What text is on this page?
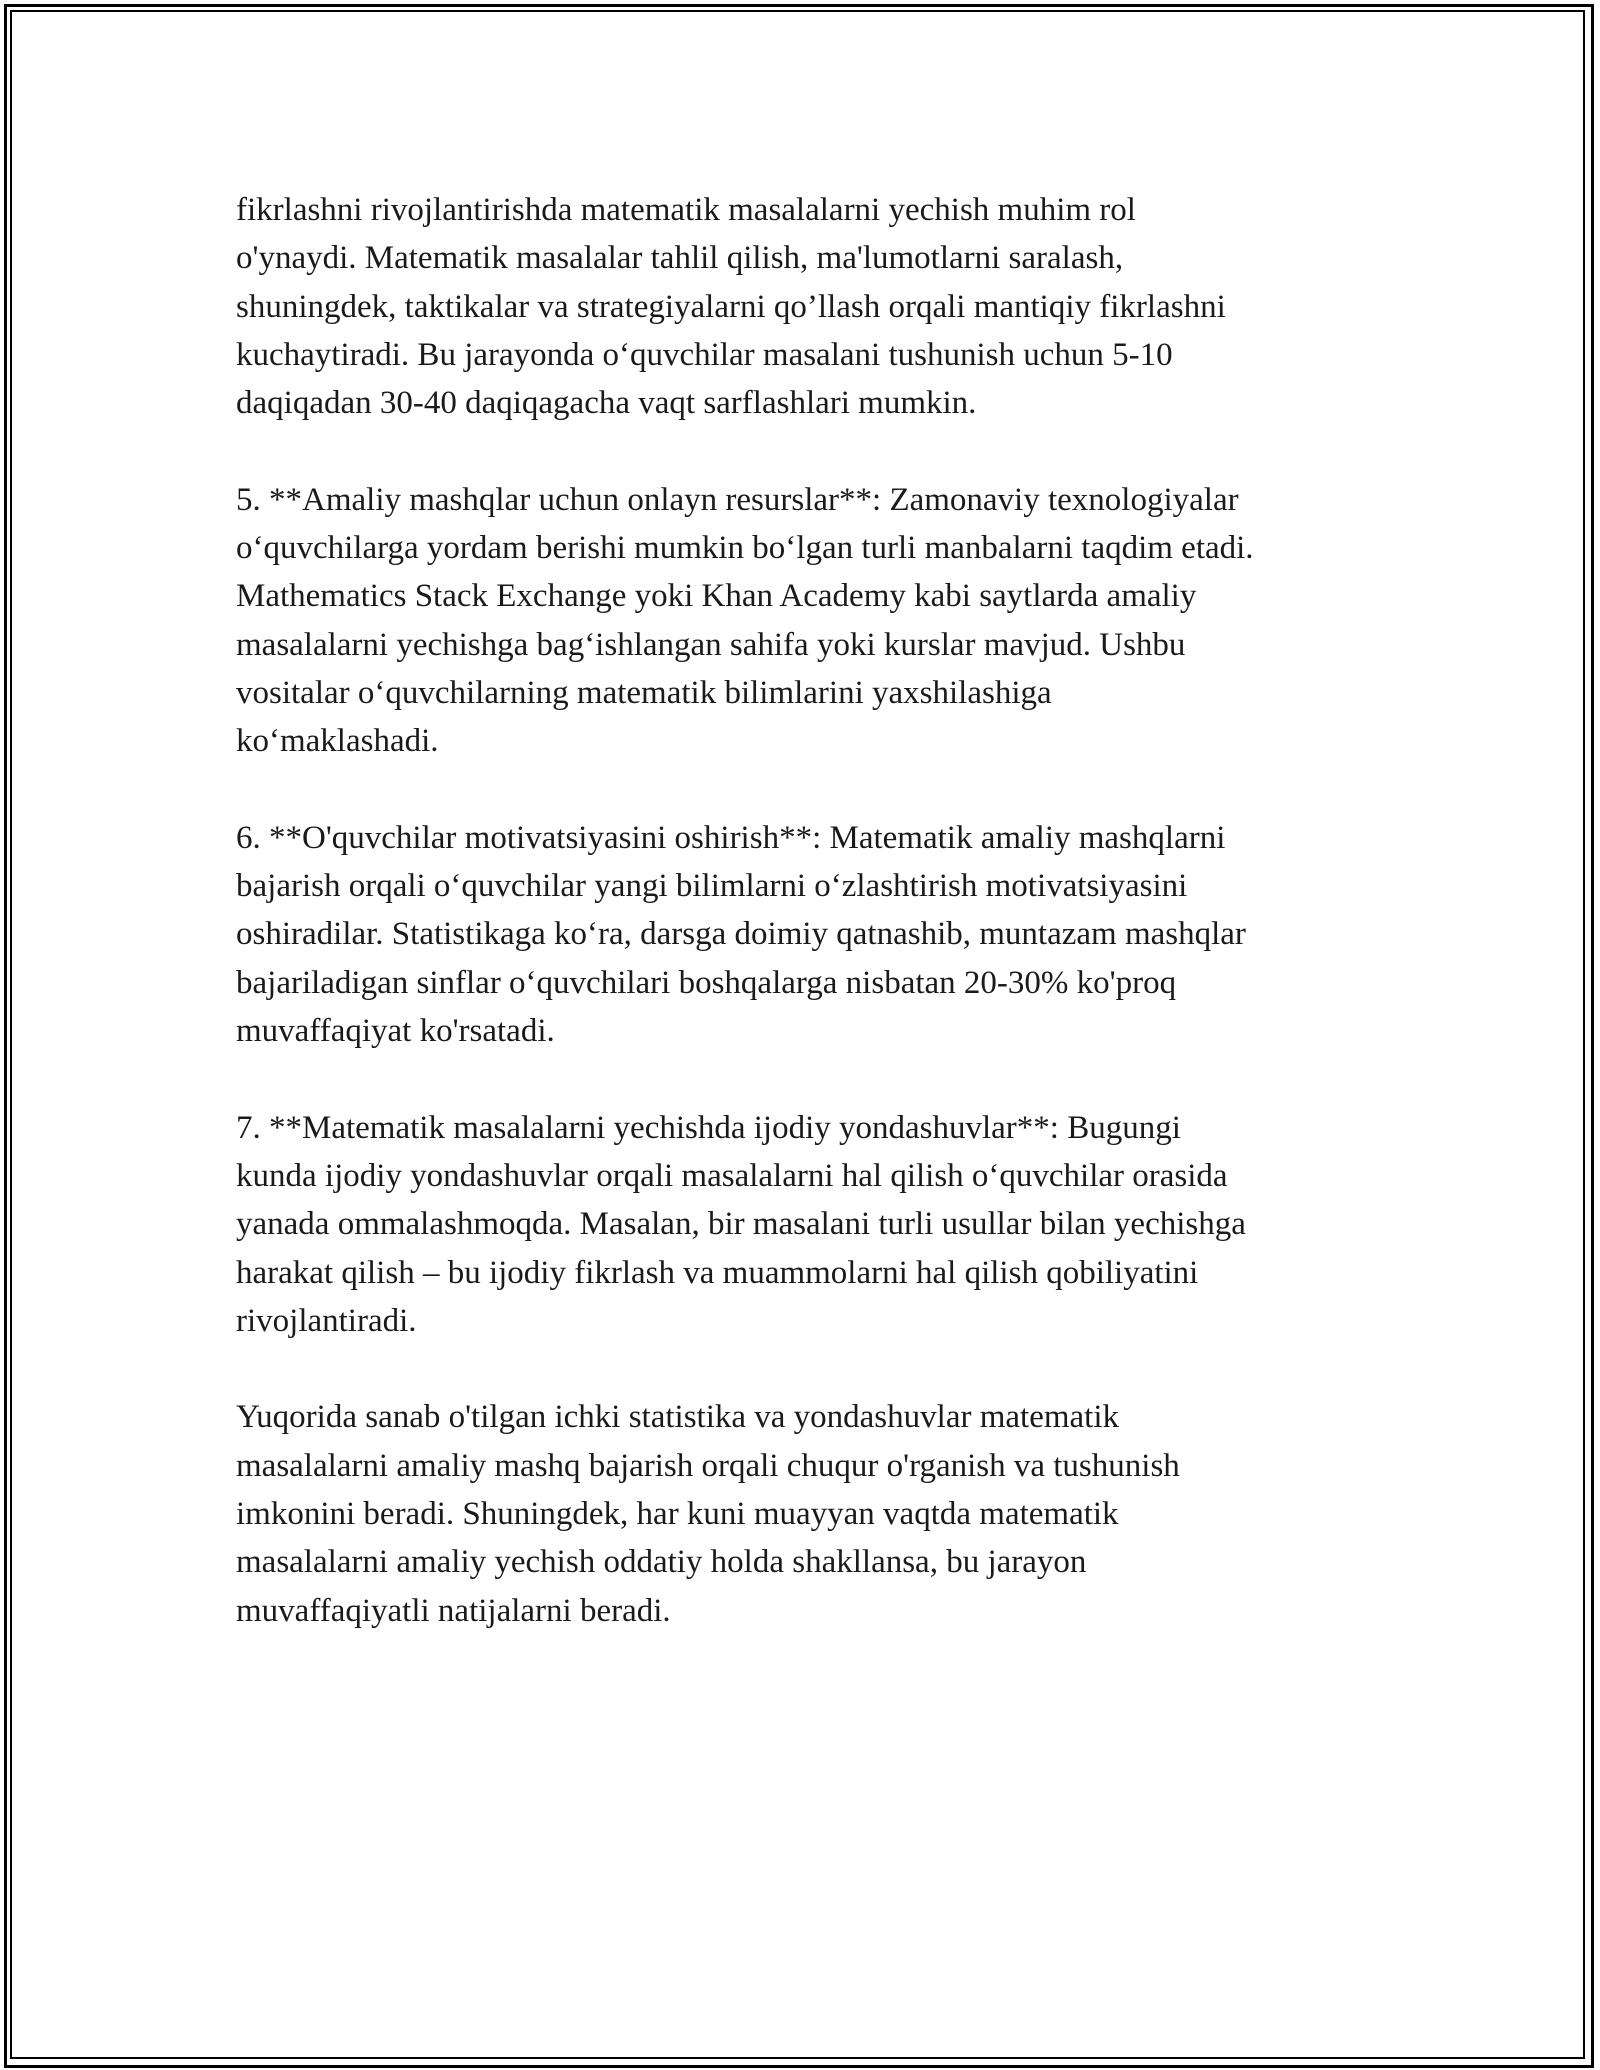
fikrlashni rivojlantirishda matematik masalalarni yechish muhim rol
o'ynaydi. Matematik masalalar tahlil qilish, ma'lumotlarni saralash,
shuningdek, taktikalar va strategiyalarni qo’llash orqali mantiqiy fikrlashni
kuchaytiradi. Bu jarayonda o‘quvchilar masalani tushunish uchun 5-10
daqiqadan 30-40 daqiqagacha vaqt sarflashlari mumkin.

5. **Amaliy mashqlar uchun onlayn resurslar**: Zamonaviy texnologiyalar
o‘quvchilarga yordam berishi mumkin bo‘lgan turli manbalarni taqdim etadi.
Mathematics Stack Exchange yoki Khan Academy kabi saytlarda amaliy
masalalarni yechishga bag‘ishlangan sahifa yoki kurslar mavjud. Ushbu
vositalar o‘quvchilarning matematik bilimlarini yaxshilashiga
ko‘maklashadi.

6. **O'quvchilar motivatsiyasini oshirish**: Matematik amaliy mashqlarni
bajarish orqali o‘quvchilar yangi bilimlarni o‘zlashtirish motivatsiyasini
oshiradilar. Statistikaga ko‘ra, darsga doimiy qatnashib, muntazam mashqlar
bajariladigan sinflar o‘quvchilari boshqalarga nisbatan 20-30% ko'proq
muvaffaqiyat ko'rsatadi.

7. **Matematik masalalarni yechishda ijodiy yondashuvlar**: Bugungi
kunda ijodiy yondashuvlar orqali masalalarni hal qilish o‘quvchilar orasida
yanada ommalashmoqda. Masalan, bir masalani turli usullar bilan yechishga
harakat qilish – bu ijodiy fikrlash va muammolarni hal qilish qobiliyatini
rivojlantiradi.

Yuqorida sanab o'tilgan ichki statistika va yondashuvlar matematik
masalalarni amaliy mashq bajarish orqali chuqur o'rganish va tushunish
imkonini beradi. Shuningdek, har kuni muayyan vaqtda matematik
masalalarni amaliy yechish oddatiy holda shakllansa, bu jarayon
muvaffaqiyatli natijalarni beradi.
